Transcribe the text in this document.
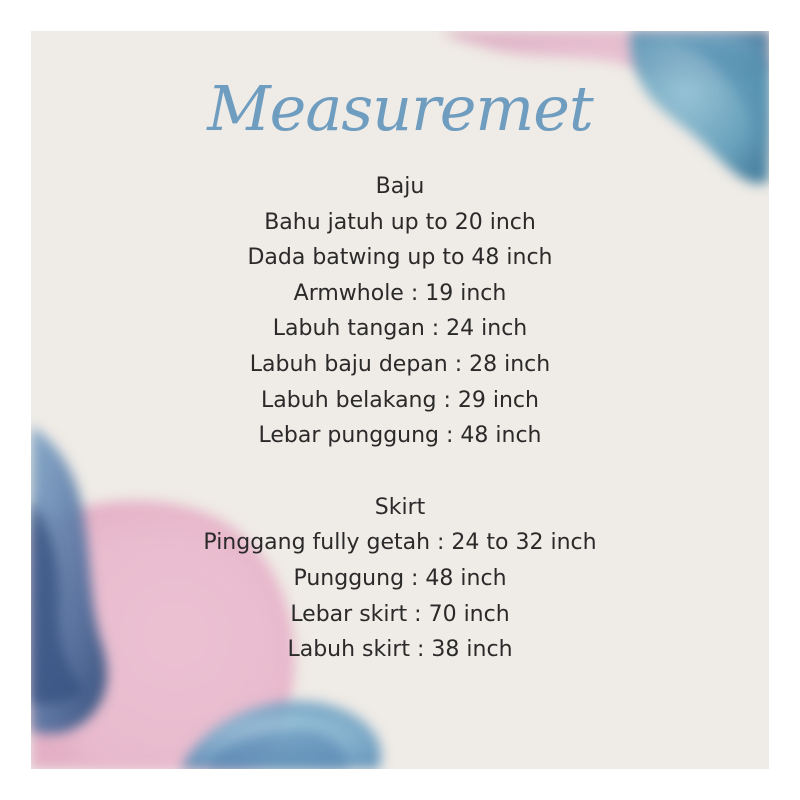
Measuremet
Baju
Bahu jatuh up to 20 inch
Dada batwing up to 48 inch
Armwhole : 19 inch
Labuh tangan : 24 inch
Labuh baju depan : 28 inch
Labuh belakang : 29 inch
Lebar punggung : 48 inch
Skirt
Pinggang fully getah : 24 to 32 inch
Punggung : 48 inch
Lebar skirt : 70 inch
Labuh skirt : 38 inch
